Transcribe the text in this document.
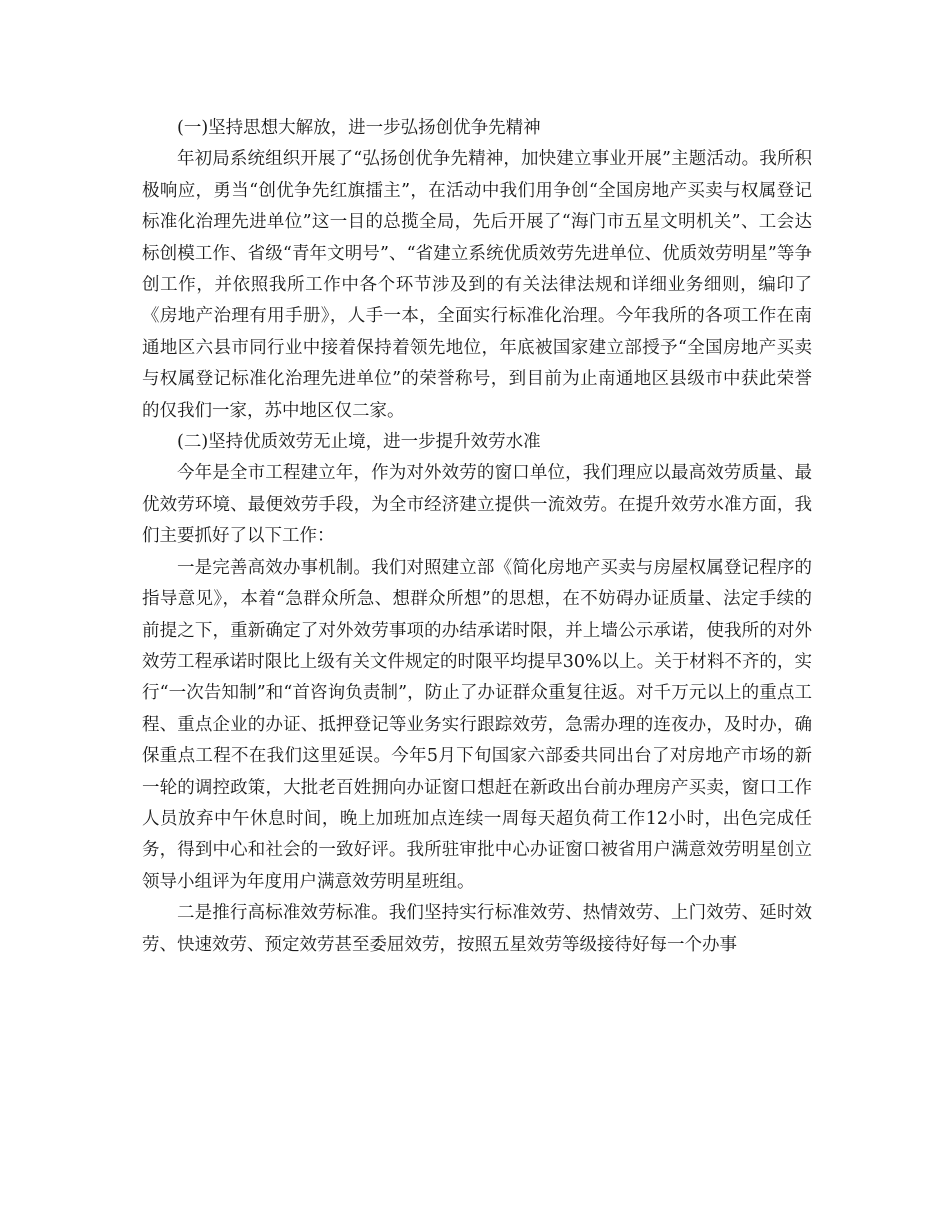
(一)坚持思想大解放，进一步弘扬创优争先精神

年初局系统组织开展了“弘扬创优争先精神，加快建立事业开展”主题活动。我所积极响应，勇当“创优争先红旗擂主”，在活动中我们用争创“全国房地产买卖与权属登记标准化治理先进单位”这一目的总揽全局，先后开展了“海门市五星文明机关”、工会达标创模工作、省级“青年文明号”、“省建立系统优质效劳先进单位、优质效劳明星”等争创工作，并依照我所工作中各个环节涉及到的有关法律法规和详细业务细则，编印了《房地产治理有用手册》，人手一本，全面实行标准化治理。今年我所的各项工作在南通地区六县市同行业中接着保持着领先地位，年底被国家建立部授予“全国房地产买卖与权属登记标准化治理先进单位”的荣誉称号，到目前为止南通地区县级市中获此荣誉的仅我们一家，苏中地区仅二家。

(二)坚持优质效劳无止境，进一步提升效劳水准

今年是全市工程建立年，作为对外效劳的窗口单位，我们理应以最高效劳质量、最优效劳环境、最便效劳手段，为全市经济建立提供一流效劳。在提升效劳水准方面，我们主要抓好了以下工作：

一是完善高效办事机制。我们对照建立部《简化房地产买卖与房屋权属登记程序的指导意见》，本着“急群众所急、想群众所想”的思想，在不妨碍办证质量、法定手续的前提之下，重新确定了对外效劳事项的办结承诺时限，并上墙公示承诺，使我所的对外效劳工程承诺时限比上级有关文件规定的时限平均提早30%以上。关于材料不齐的，实行“一次告知制”和“首咨询负责制”，防止了办证群众重复往返。对千万元以上的重点工程、重点企业的办证、抵押登记等业务实行跟踪效劳，急需办理的连夜办，及时办，确保重点工程不在我们这里延误。今年5月下旬国家六部委共同出台了对房地产市场的新一轮的调控政策，大批老百姓拥向办证窗口想赶在新政出台前办理房产买卖，窗口工作人员放弃中午休息时间，晚上加班加点连续一周每天超负荷工作12小时，出色完成任务，得到中心和社会的一致好评。我所驻审批中心办证窗口被省用户满意效劳明星创立领导小组评为年度用户满意效劳明星班组。

二是推行高标准效劳标准。我们坚持实行标准效劳、热情效劳、上门效劳、延时效劳、快速效劳、预定效劳甚至委屈效劳，按照五星效劳等级接待好每一个办事
